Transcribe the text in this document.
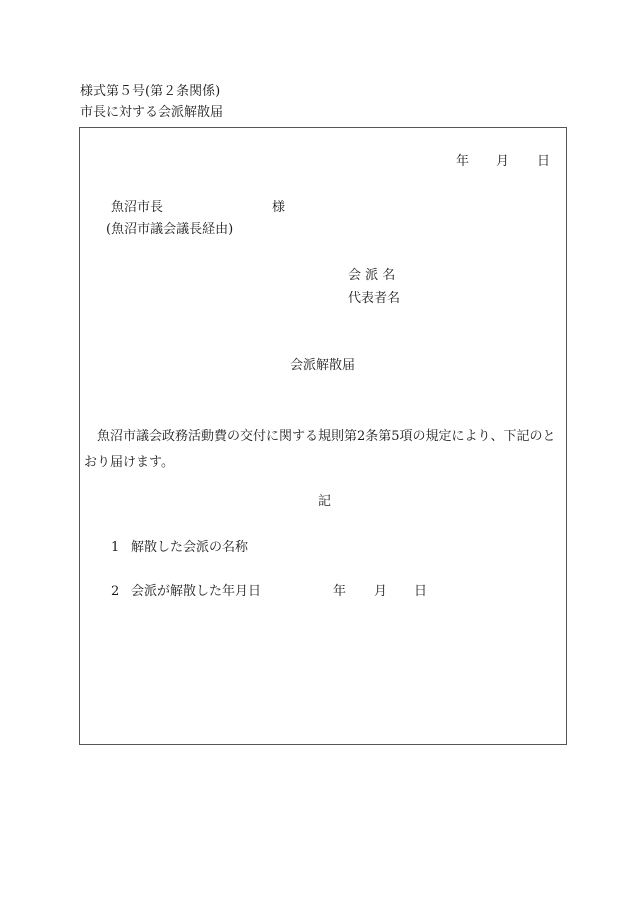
様式第５号(第２条関係)
市長に対する会派解散届
年 月 日
魚沼市長	様
(魚沼市議会議長経由)
会 派 名
代表者名
会派解散届
魚沼市議会政務活動費の交付に関する規則第2条第5項の規定により、下記のとおり届けます。
記
1 解散した会派の名称
2 会派が解散した年月日	年 月 日
